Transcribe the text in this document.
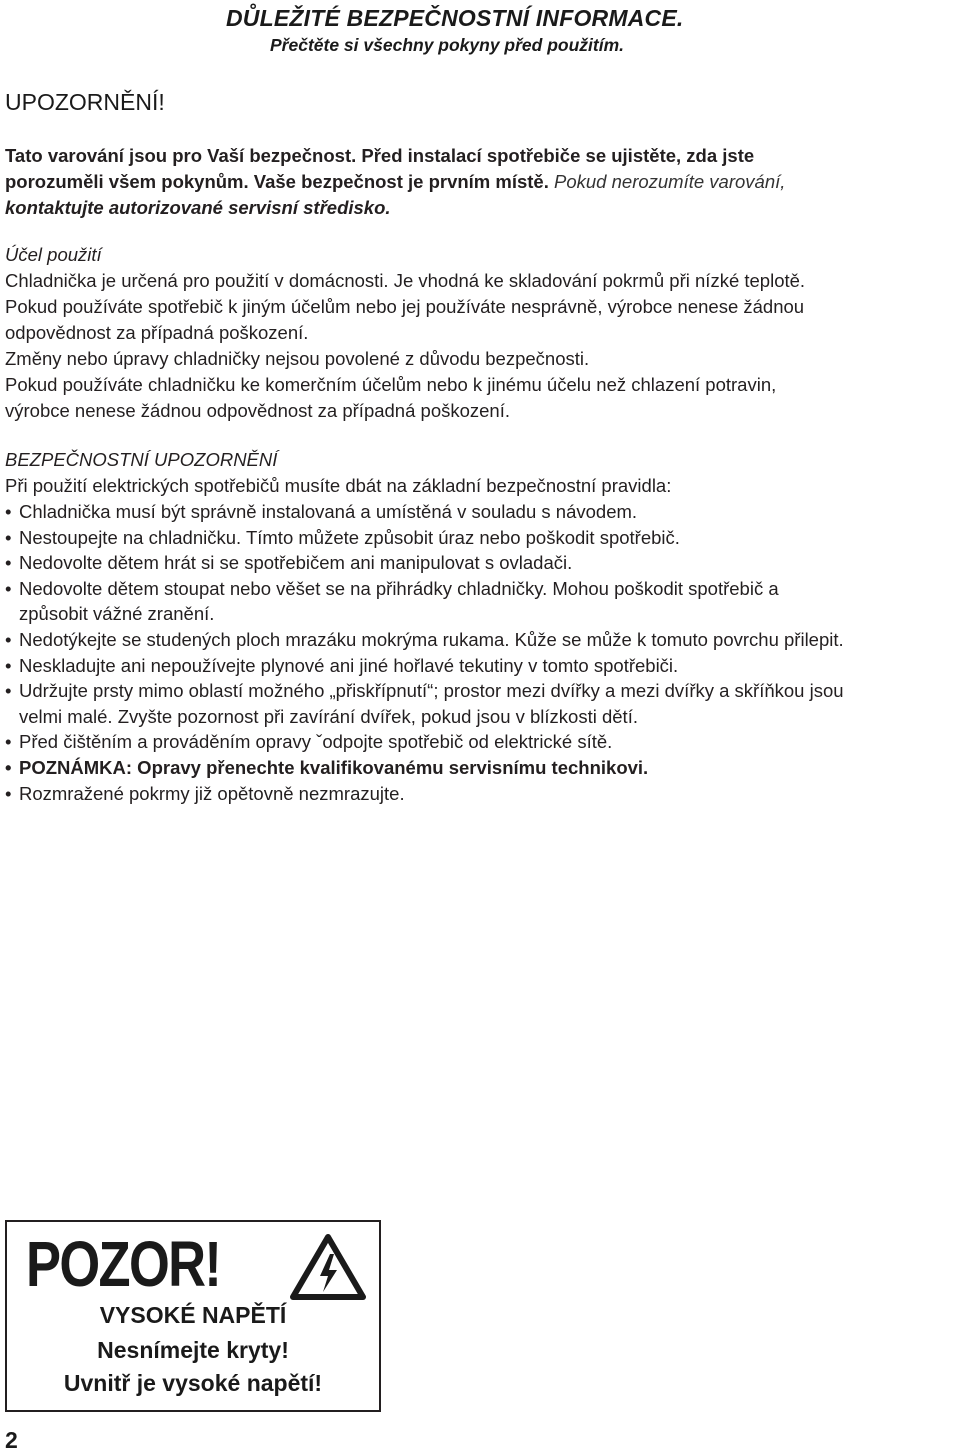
DŮLEŽITÉ BEZPEČNOSTNÍ INFORMACE.
Přečtěte si všechny pokyny před použitím.
UPOZORNĚNÍ!
Tato varování jsou pro Vaší bezpečnost. Před instalací spotřebiče se ujistěte, zda jste
porozuměli všem pokynům. Vaše bezpečnost je prvním místě. Pokud nerozumíte varování,
kontaktujte autorizované servisní středisko.
Účel použití
Chladnička je určená pro použití v domácnosti. Je vhodná ke skladování pokrmů při nízké teplotě.
Pokud používáte spotřebič k jiným účelům nebo jej používáte nesprávně, výrobce nenese žádnou
odpovědnost za případná poškození.
Změny nebo úpravy chladničky nejsou povolené z důvodu bezpečnosti.
Pokud používáte chladničku ke komerčním účelům nebo k jinému účelu než chlazení potravin,
výrobce nenese žádnou odpovědnost za případná poškození.
BEZPEČNOSTNÍ UPOZORNĚNÍ
Při použití elektrických spotřebičů musíte dbát na základní bezpečnostní pravidla:
• Chladnička musí být správně instalovaná a umístěná v souladu s návodem.
• Nestoupejte na chladničku. Tímto můžete způsobit úraz nebo poškodit spotřebič.
• Nedovolte dětem hrát si se spotřebičem ani manipulovat s ovladači.
• Nedovolte dětem stoupat nebo věšet se na přihrádky chladničky. Mohou poškodit spotřebič a
způsobit vážné zranění.
• Nedotýkejte se studených ploch mrazáku mokrýma rukama. Kůže se může k tomuto povrchu přilepit.
• Neskladujte ani nepoužívejte plynové ani jiné hořlavé tekutiny v tomto spotřebiči.
• Udržujte prsty mimo oblastí možného „přiskřípnutí“; prostor mezi dvířky a mezi dvířky a skříňkou jsou
velmi malé. Zvyšte pozornost při zavírání dvířek, pokud jsou v blízkosti dětí.
• Před čištěním a prováděním opravy ˇodpojte spotřebič od elektrické sítě.
• POZNÁMKA: Opravy přenechte kvalifikovanému servisnímu technikovi.
• Rozmražené pokrmy již opětovně nezmrazujte.
POZOR!
VYSOKÉ NAPĚTÍ
Nesnímejte kryty!
Uvnitř je vysoké napětí!
2
